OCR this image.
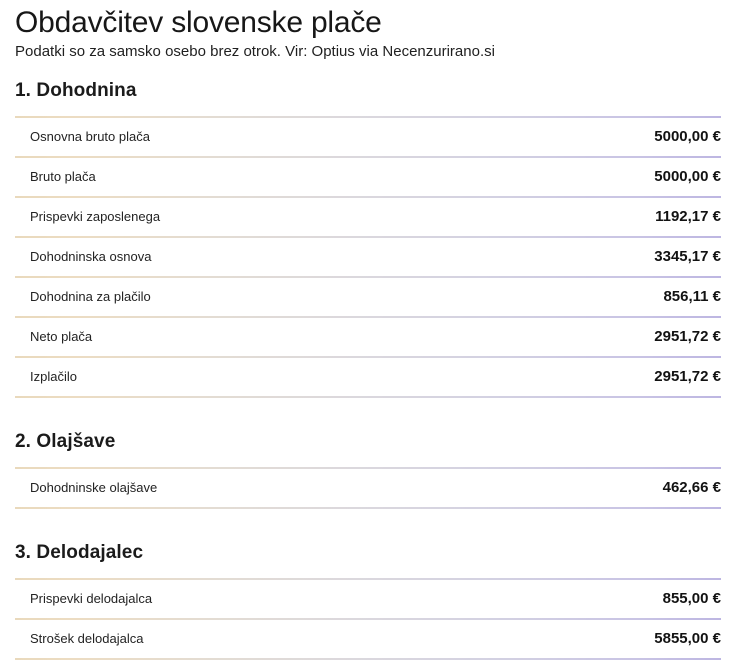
Obdavčitev slovenske plače

Podatki so za samsko osebo brez otrok. Vir: Optius via Necenzurirano.si

1. Dohodnina
Osnovna bruto plača	5000,00 €
Bruto plača	5000,00 €
Prispevki zaposlenega	1192,17 €
Dohodninska osnova	3345,17 €
Dohodnina za plačilo	856,11 €
Neto plača	2951,72 €
Izplačilo	2951,72 €
2. Olajšave
Dohodninske olajšave	462,66 €
3. Delodajalec
Prispevki delodajalca	855,00 €
Strošek delodajalca	5855,00 €
